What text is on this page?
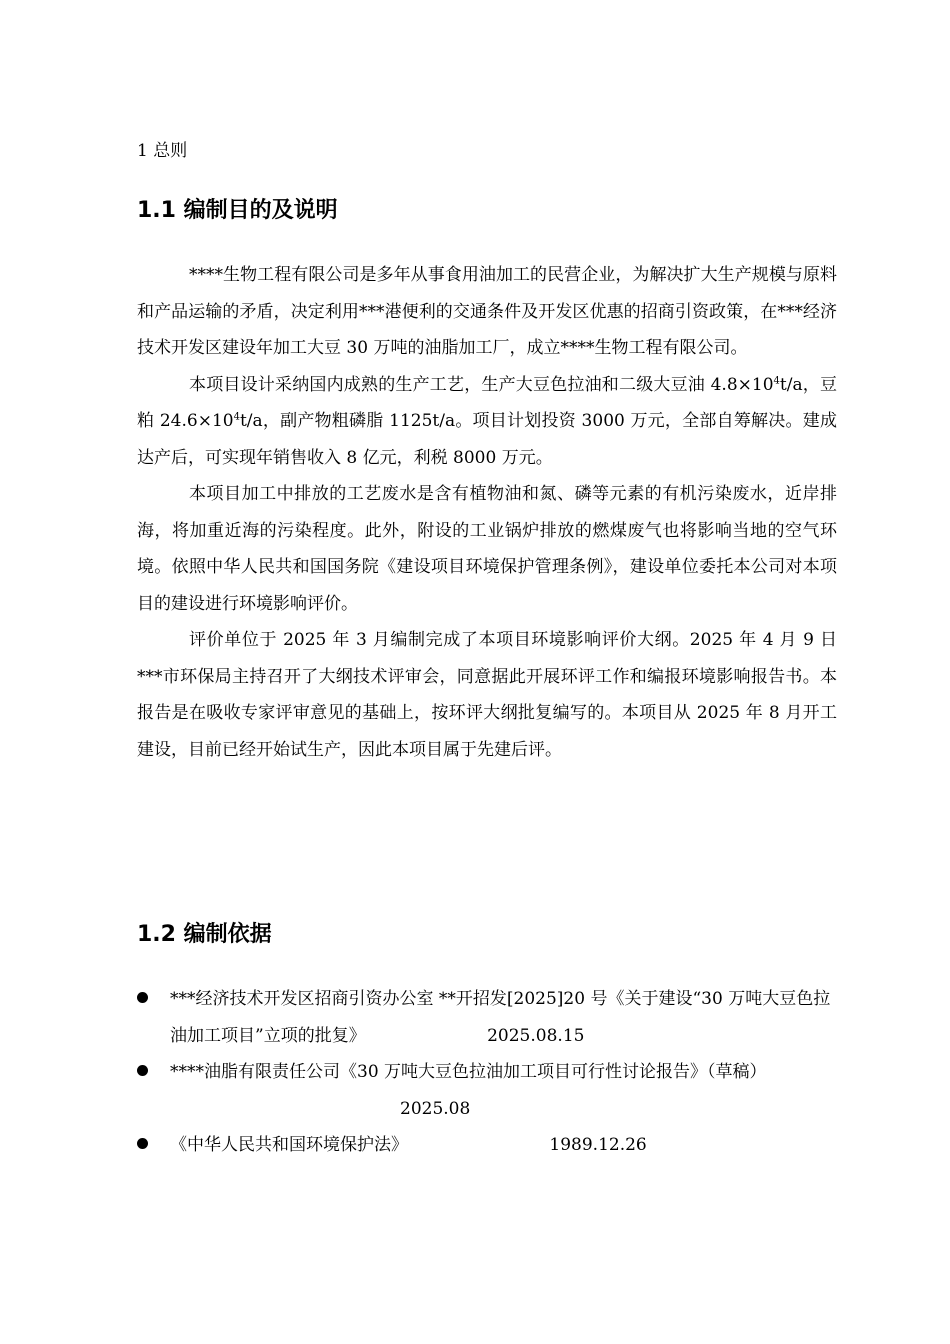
1 总则
1.1 编制目的及说明

****生物工程有限公司是多年从事食用油加工的民营企业，为解决扩大生产规模与原料和产品运输的矛盾，决定利用***港便利的交通条件及开发区优惠的招商引资政策，在***经济技术开发区建设年加工大豆 30 万吨的油脂加工厂，成立****生物工程有限公司。

本项目设计采纳国内成熟的生产工艺，生产大豆色拉油和二级大豆油 $4.8\times 10^4t/a$，豆粕 $24.6\times 10^4t/a$，副产物粗磷脂 1125t/a。项目计划投资 3000 万元，全部自筹解决。建成达产后，可实现年销售收入 8 亿元，利税 8000 万元。

本项目加工中排放的工艺废水是含有植物油和氮、磷等元素的有机污染废水，近岸排海，将加重近海的污染程度。此外，附设的工业锅炉排放的燃煤废气也将影响当地的空气环境。依照中华人民共和国国务院《建设项目环境保护管理条例》，建设单位委托本公司对本项目的建设进行环境影响评价。

评价单位于 2025 年 3 月编制完成了本项目环境影响评价大纲。2025 年 4 月 9 日***市环保局主持召开了大纲技术评审会，同意据此开展环评工作和编报环境影响报告书。本报告是在吸收专家评审意见的基础上，按环评大纲批复编写的。本项目从 2025 年 8 月开工建设，目前已经开始试生产，因此本项目属于先建后评。

1.2 编制依据
***经济技术开发区招商引资办公室 **开招发[2025]20 号《关于建设“30 万吨大豆色拉油加工项目”立项的批复》	2025.08.15
****油脂有限责任公司《30 万吨大豆色拉油加工项目可行性讨论报告》（草稿） 2025.08
《中华人民共和国环境保护法》	1989.12.26
